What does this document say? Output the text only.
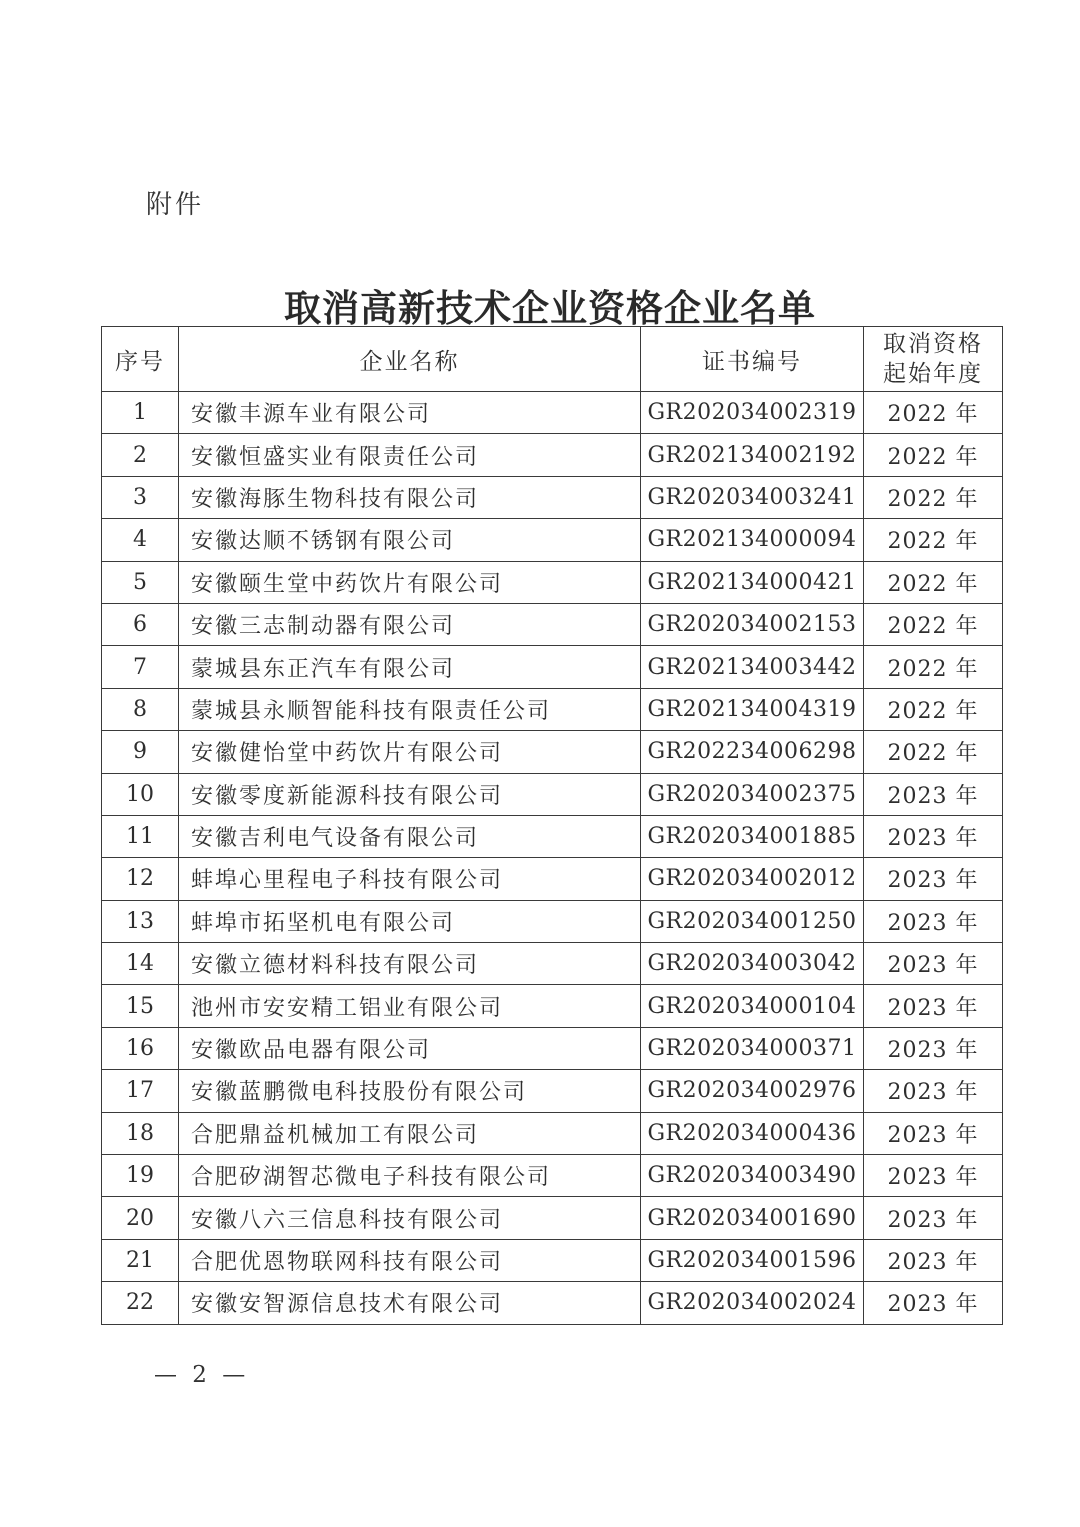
附件
取消高新技术企业资格企业名单
序号	企业名称	证书编号	取消资格
起始年度
1	安徽丰源车业有限公司	GR202034002319	2022 年
2	安徽恒盛实业有限责任公司	GR202134002192	2022 年
3	安徽海豚生物科技有限公司	GR202034003241	2022 年
4	安徽达顺不锈钢有限公司	GR202134000094	2022 年
5	安徽颐生堂中药饮片有限公司	GR202134000421	2022 年
6	安徽三志制动器有限公司	GR202034002153	2022 年
7	蒙城县东正汽车有限公司	GR202134003442	2022 年
8	蒙城县永顺智能科技有限责任公司	GR202134004319	2022 年
9	安徽健怡堂中药饮片有限公司	GR202234006298	2022 年
10	安徽零度新能源科技有限公司	GR202034002375	2023 年
11	安徽吉利电气设备有限公司	GR202034001885	2023 年
12	蚌埠心里程电子科技有限公司	GR202034002012	2023 年
13	蚌埠市拓坚机电有限公司	GR202034001250	2023 年
14	安徽立德材料科技有限公司	GR202034003042	2023 年
15	池州市安安精工铝业有限公司	GR202034000104	2023 年
16	安徽欧品电器有限公司	GR202034000371	2023 年
17	安徽蓝鹏微电科技股份有限公司	GR202034002976	2023 年
18	合肥鼎益机械加工有限公司	GR202034000436	2023 年
19	合肥矽湖智芯微电子科技有限公司	GR202034003490	2023 年
20	安徽八六三信息科技有限公司	GR202034001690	2023 年
21	合肥优恩物联网科技有限公司	GR202034001596	2023 年
22	安徽安智源信息技术有限公司	GR202034002024	2023 年
— 2 —
